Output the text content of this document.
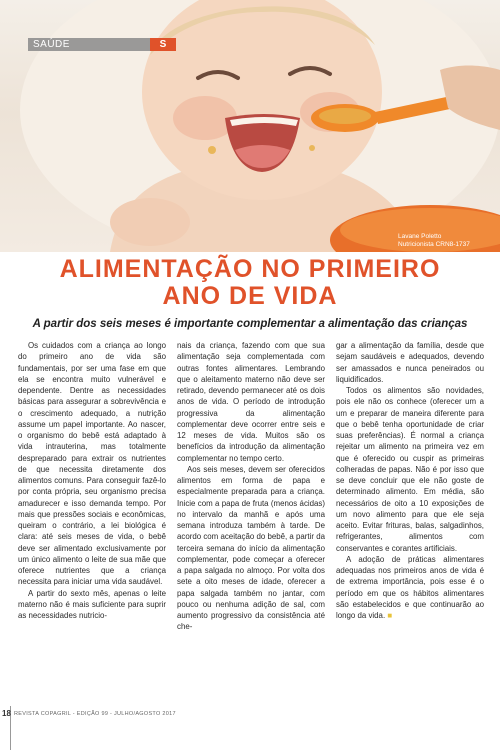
SAÚDE	S
Lavane Poletto
Nutricionista CRN8-1737
ALIMENTAÇÃO NO PRIMEIRO
ANO DE VIDA
A partir dos seis meses é importante complementar a alimentação das crianças

Os cuidados com a criança ao longo do primeiro ano de vida são fundamentais, por ser uma fase em que ela se encontra muito vulnerável e dependente. Dentre as necessidades básicas para assegurar a sobrevivência e o crescimento adequado, a nutrição assume um papel importante. Ao nascer, o organismo do bebê está adaptado à vida intrauterina, mas totalmente despreparado para extrair os nutrientes de que necessita diretamente dos alimentos comuns. Para conseguir fazê-lo por conta própria, seu organismo precisa amadurecer e isso demanda tempo. Por mais que pressões sociais e econômicas, queiram o contrário, a lei biológica é clara: até seis meses de vida, o bebê deve ser alimentado exclusivamente por um único alimento o leite de sua mãe que oferece nutrientes que a criança necessita para iniciar uma vida saudável.

A partir do sexto mês, apenas o leite materno não é mais suficiente para suprir as necessidades nutricio-

nais da criança, fazendo com que sua alimentação seja complementada com outras fontes alimentares. Lembrando que o aleitamento materno não deve ser retirado, devendo permanecer até os dois anos de vida. O período de introdução progressiva da alimentação complementar deve ocorrer entre seis e 12 meses de vida. Muitos são os benefícios da introdução da alimentação complementar no tempo certo.

Aos seis meses, devem ser oferecidos alimentos em forma de papa e especialmente preparada para a criança. Inicie com a papa de fruta (menos ácidas) no intervalo da manhã e após uma semana introduza também à tarde. De acordo com aceitação do bebê, a partir da terceira semana do início da alimentação complementar, pode começar a oferecer a papa salgada no almoço. Por volta dos sete a oito meses de idade, oferecer a papa salgada também no jantar, com pouco ou nenhuma adição de sal, com aumento progressivo da consistência até che-

gar a alimentação da família, desde que sejam saudáveis e adequados, devendo ser amassados e nunca peneirados ou liquidificados.

Todos os alimentos são novidades, pois ele não os conhece (oferecer um a um e preparar de maneira diferente para que o bebê tenha oportunidade de criar suas preferências). É normal a criança rejeitar um alimento na primeira vez em que é oferecido ou cuspir as primeiras colheradas de papas. Não é por isso que se deve concluir que ele não goste de determinado alimento. Em média, são necessários de oito a 10 exposições de um novo alimento para que ele seja aceito. Evitar frituras, balas, salgadinhos, refrigerantes, alimentos com conservantes e corantes artificiais.

A adoção de práticas alimentares adequadas nos primeiros anos de vida é de extrema importância, pois esse é o período em que os hábitos alimentares são estabelecidos e que continuarão ao longo da vida. ■

18 REVISTA COPAGRIL - EDIÇÃO 99 - JULHO/AGOSTO 2017
